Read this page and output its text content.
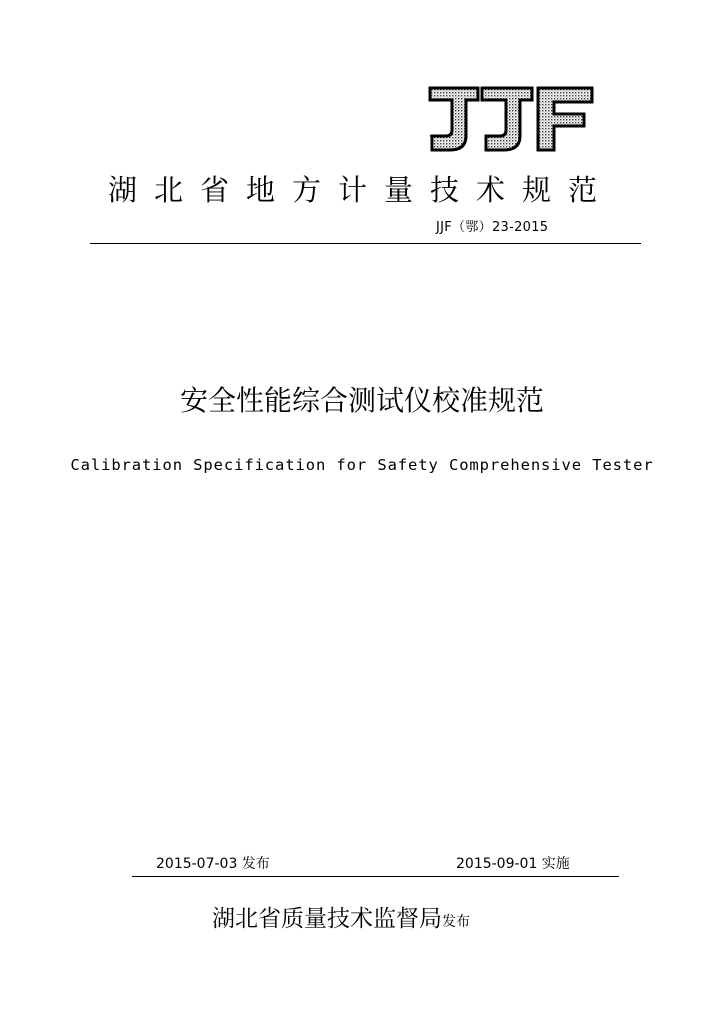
湖北省地方计量技术规范
JJF（鄂）23-2015
安全性能综合测试仪校准规范
Calibration Specification for Safety Comprehensive Tester
2015-07-03 发布	2015-09-01 实施
湖北省质量技术监督局发布
